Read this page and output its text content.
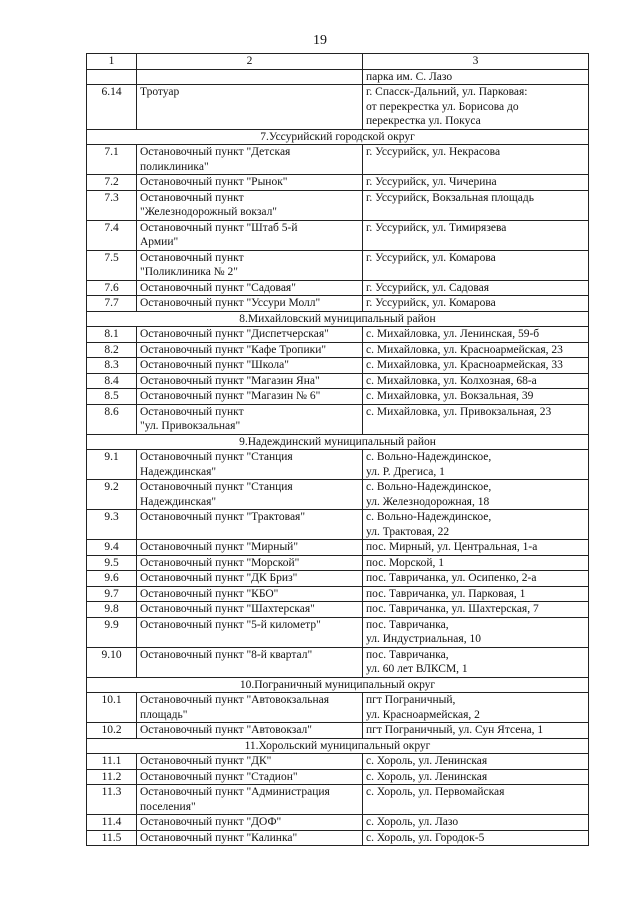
19
1	2	3
		парка им. С. Лазо
6.14	Тротуар	г. Спасск-Дальний, ул. Парковая:
от перекрестка ул. Борисова до
перекрестка ул. Покуса
7.Уссурийский городской округ		
7.1	Остановочный пункт "Детская
поликлиника"	г. Уссурийск, ул. Некрасова
7.2	Остановочный пункт "Рынок"	г. Уссурийск, ул. Чичерина
7.3	Остановочный пункт
"Железнодорожный вокзал"	г. Уссурийск, Вокзальная площадь
7.4	Остановочный пункт "Штаб 5-й
Армии"	г. Уссурийск, ул. Тимирязева
7.5	Остановочный пункт
"Поликлиника № 2"	г. Уссурийск, ул. Комарова
7.6	Остановочный пункт "Садовая"	г. Уссурийск, ул. Садовая
7.7	Остановочный пункт "Уссури Молл"	г. Уссурийск, ул. Комарова
8.Михайловский муниципальный район		
8.1	Остановочный пункт "Диспетчерская"	с. Михайловка, ул. Ленинская, 59-б
8.2	Остановочный пункт "Кафе Тропики"	с. Михайловка, ул. Красноармейская, 23
8.3	Остановочный пункт "Школа"	с. Михайловка, ул. Красноармейская, 33
8.4	Остановочный пункт "Магазин Яна"	с. Михайловка, ул. Колхозная, 68-а
8.5	Остановочный пункт "Магазин № 6"	с. Михайловка, ул. Вокзальная, 39
8.6	Остановочный пункт
"ул. Привокзальная"	с. Михайловка, ул. Привокзальная, 23
9.Надеждинский муниципальный район		
9.1	Остановочный пункт "Станция
Надеждинская"	с. Вольно-Надеждинское,
ул. Р. Дрегиса, 1
9.2	Остановочный пункт "Станция
Надеждинская"	с. Вольно-Надеждинское,
ул. Железнодорожная, 18
9.3	Остановочный пункт "Трактовая"	с. Вольно-Надеждинское,
ул. Трактовая, 22
9.4	Остановочный пункт "Мирный"	пос. Мирный, ул. Центральная, 1-а
9.5	Остановочный пункт "Морской"	пос. Морской, 1
9.6	Остановочный пункт "ДК Бриз"	пос. Тавричанка, ул. Осипенко, 2-а
9.7	Остановочный пункт "КБО"	пос. Тавричанка, ул. Парковая, 1
9.8	Остановочный пункт "Шахтерская"	пос. Тавричанка, ул. Шахтерская, 7
9.9	Остановочный пункт "5-й километр"	пос. Тавричанка,
ул. Индустриальная, 10
9.10	Остановочный пункт "8-й квартал"	пос. Тавричанка,
ул. 60 лет ВЛКСМ, 1
10.Пограничный муниципальный округ		
10.1	Остановочный пункт "Автовокзальная
площадь"	пгт Пограничный,
ул. Красноармейская, 2
10.2	Остановочный пункт "Автовокзал"	пгт Пограничный, ул. Сун Ятсена, 1
11.Хорольский муниципальный округ		
11.1	Остановочный пункт "ДК"	с. Хороль, ул. Ленинская
11.2	Остановочный пункт "Стадион"	с. Хороль, ул. Ленинская
11.3	Остановочный пункт "Администрация
поселения"	с. Хороль, ул. Первомайская
11.4	Остановочный пункт "ДОФ"	с. Хороль, ул. Лазо
11.5	Остановочный пункт "Калинка"	с. Хороль, ул. Городок-5
